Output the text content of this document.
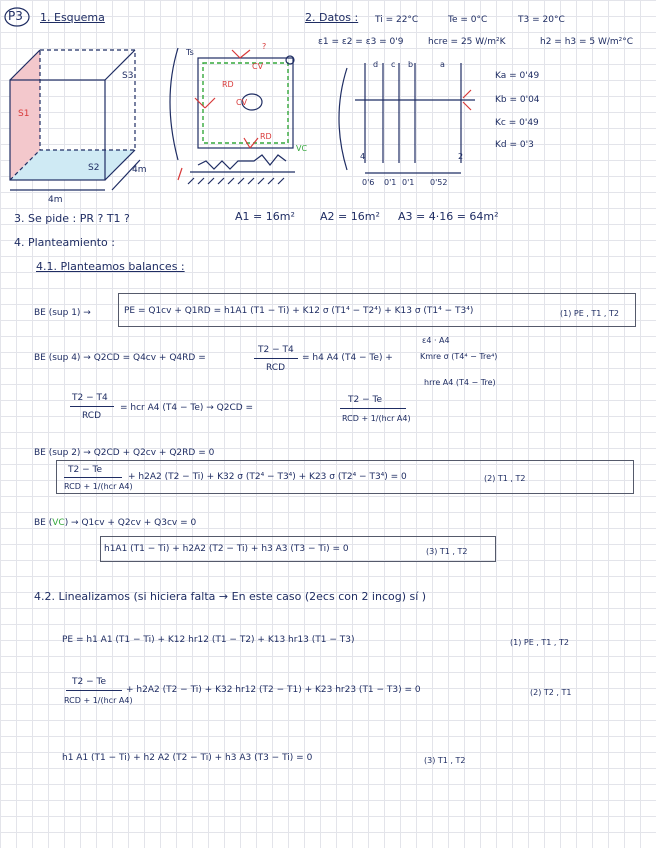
P3 1. Esquema	2. Datos :
S1
S2
S3
4m
4m
Ts
?
RD
CV
CV
RD
VC
Ti = 22°C	Te = 0°C	T3 = 20°C
ε1 = ε2 = ε3 = 0'9	hcre = 25 W/m²K	h2 = h3 = 5 W/m²°C
d c b	a
4	2
0'6 0'1 0'1 0'52
Ka = 0'49
Kb = 0'04
Kc = 0'49
Kd = 0'3
3. Se pide : PR ? T1 ?	A1 = 16m² A2 = 16m² A3 = 4·16 = 64m²
4. Planteamiento :
4.1. Planteamos balances :
BE (sup 1) →	PE = Q1cv + Q1RD = h1A1 (T1 − Ti) + K12 σ (T1⁴ − T2⁴) + K13 σ (T1⁴ − T3⁴)	(1) PE , T1 , T2
BE (sup 4) → Q2CD = Q4cv + Q4RD =
T2 − T4
RCD
= h4 A4 (T4 − Te) +
ε4 · A4
Kmre σ (T4⁴ − Tre⁴)
hrre A4 (T4 − Tre)
T2 − T4
RCD
= hcr A4 (T4 − Te) → Q2CD =
T2 − Te
RCD + 1/(hcr A4)
BE (sup 2) → Q2CD + Q2cv + Q2RD = 0
T2 − Te
RCD + 1/(hcr A4)
+ h2A2 (T2 − Ti) + K32 σ (T2⁴ − T3⁴) + K23 σ (T2⁴ − T3⁴) = 0	(2) T1 , T2
BE (VC) → Q1cv + Q2cv + Q3cv = 0
h1A1 (T1 − Ti) + h2A2 (T2 − Ti) + h3 A3 (T3 − Ti) = 0	(3) T1 , T2
4.2. Linealizamos (si hiciera falta → En este caso (2ecs con 2 incog) sí )
PE = h1 A1 (T1 − Ti) + K12 hr12 (T1 − T2) + K13 hr13 (T1 − T3)	(1) PE , T1 , T2
T2 − Te
RCD + 1/(hcr A4)
+ h2A2 (T2 − Ti) + K32 hr12 (T2 − T1) + K23 hr23 (T1 − T3) = 0	(2) T2 , T1
h1 A1 (T1 − Ti) + h2 A2 (T2 − Ti) + h3 A3 (T3 − Ti) = 0	(3) T1 , T2
